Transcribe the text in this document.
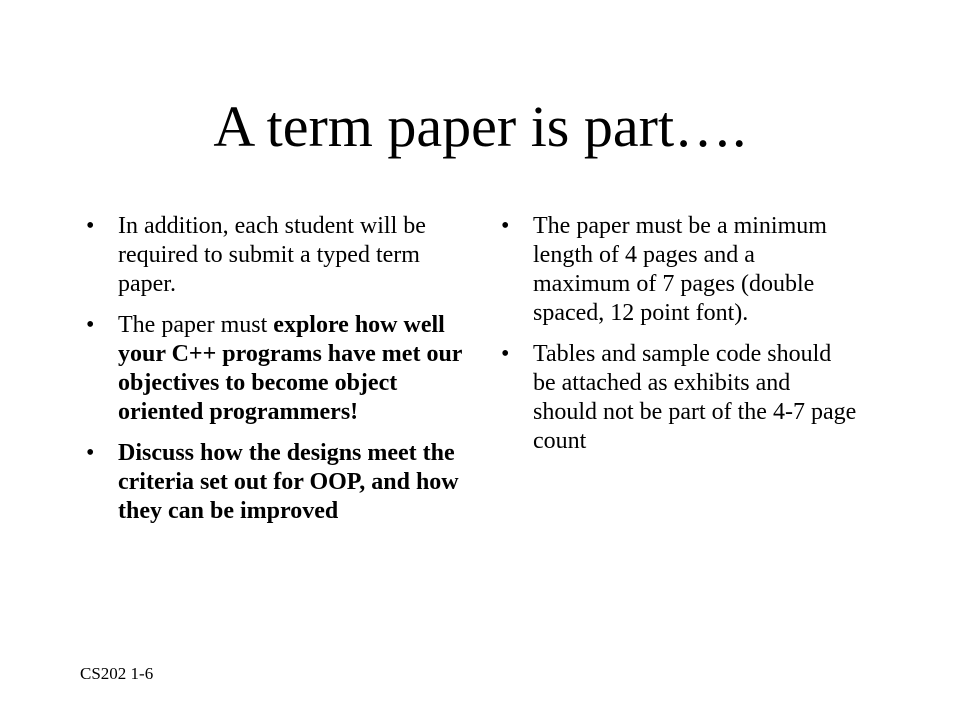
A term paper is part….
• In addition, each student will be required to submit a typed term paper.
• The paper must explore how well your C++ programs have met our objectives to become object oriented programmers!
• Discuss how the designs meet the criteria set out for OOP, and how they can be improved
• The paper must be a minimum length of 4 pages and a maximum of 7 pages (double spaced, 12 point font).
• Tables and sample code should be attached as exhibits and should not be part of the 4-7 page count
CS202 1-6
